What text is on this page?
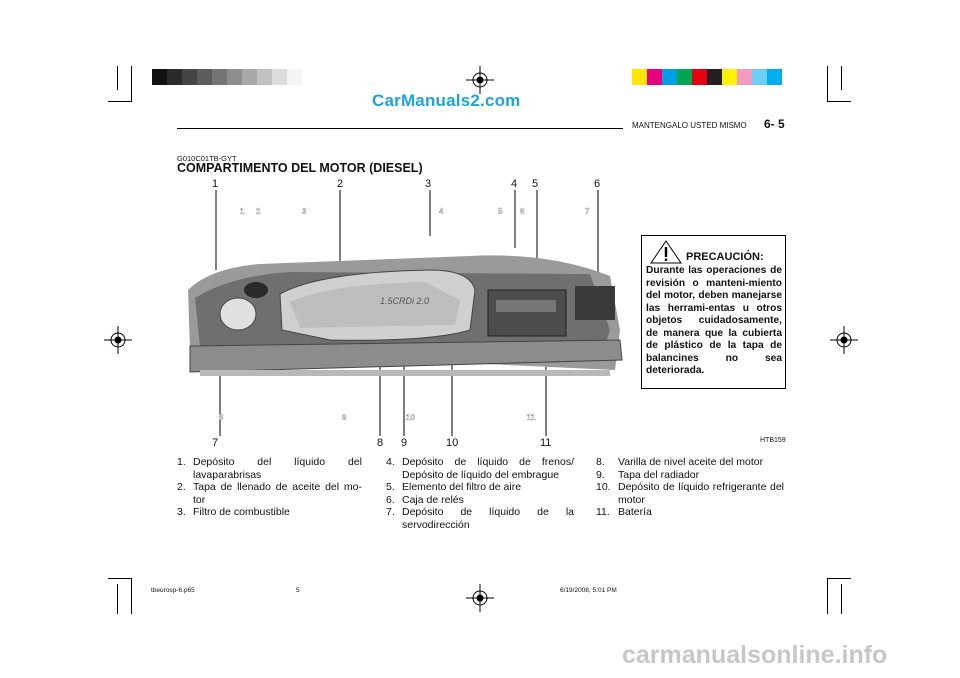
CarManuals2.com
MANTENGALO USTED MISMO 6- 5
G010C01TB-GYT
COMPARTIMENTO DEL MOTOR (DIESEL)
1	2	3	4 5	6
1.5CRDi 2.0
1 2	3	4	5 6	7
8	9	10	11
7	8 9	10	11	HTB159
PRECAUCIÓN:
Durante las operaciones de revisión o manteni-miento del motor, deben manejarse las herrami-entas u otros objetos cuidadosamente, de manera que la cubierta de plástico de la tapa de balancines no sea deteriorada.
1. Depósito del líquido del lavaparabrisas
2. Tapa de llenado de aceite del mo-tor
3. Filtro de combustible
4. Depósito de líquido de frenos/ Depósito de líquido del embrague
5. Elemento del filtro de aire
6. Caja de relés
7. Depósito de líquido de la servodirección
8. Varilla de nivel aceite del motor
9. Tapa del radiador
10. Depósito de líquido refrigerante del motor
11. Batería
tbeurosp-6.p65	5	6/19/2008, 5:01 PM
carmanualsonline.info
